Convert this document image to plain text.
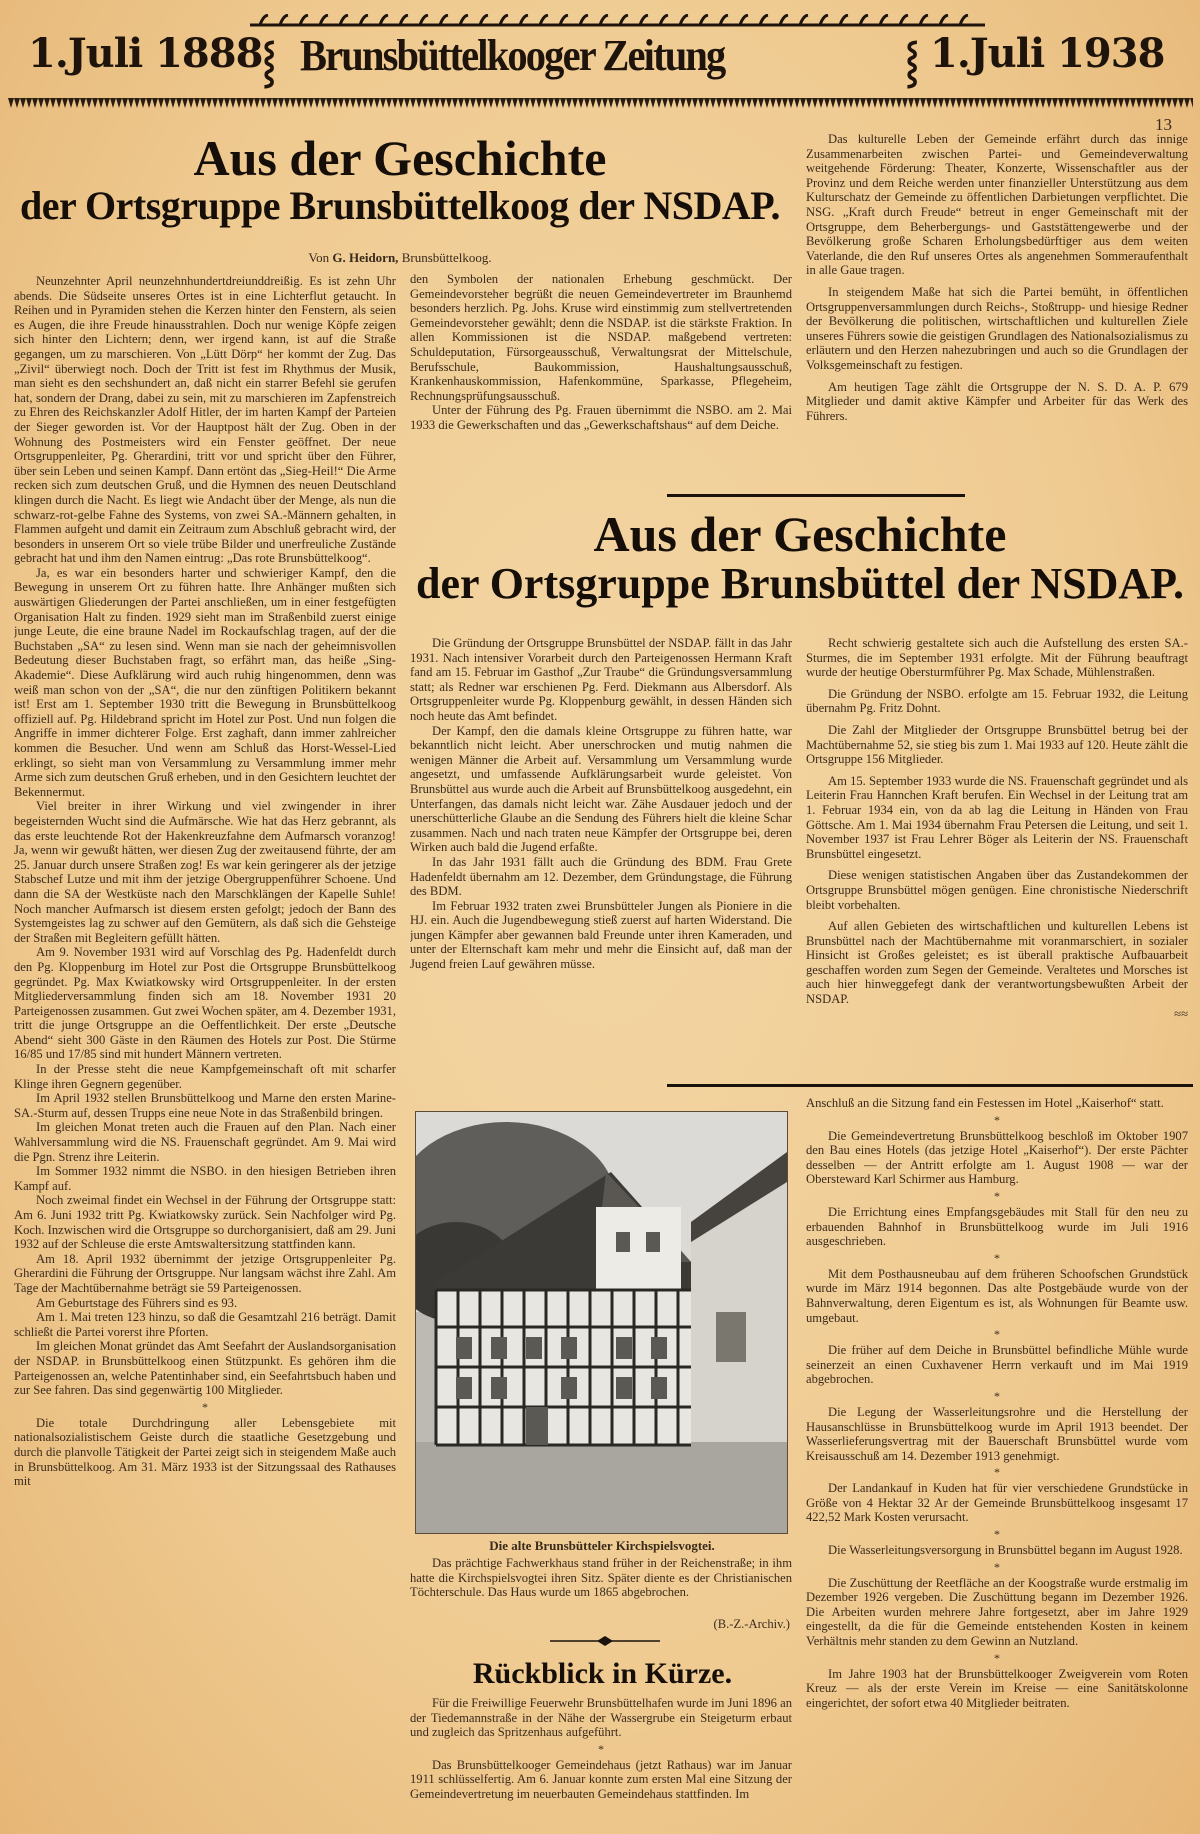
1.Juli 1888 ⸾ Brunsbüttelkooger Zeitung	⸾ 1.Juli 1938
13
Aus der Geschichte
der Ortsgruppe Brunsbüttelkoog der NSDAP.
Von G. Heidorn, Brunsbüttelkoog.

Neunzehnter April neunzehnhundertdreiunddreißig. Es ist zehn Uhr abends. Die Südseite unseres Ortes ist in eine Lichterflut getaucht. In Reihen und in Pyramiden stehen die Kerzen hinter den Fenstern, als seien es Augen, die ihre Freude hinausstrahlen. Doch nur wenige Köpfe zeigen sich hinter den Lichtern; denn, wer irgend kann, ist auf die Straße gegangen, um zu marschieren. Von „Lütt Dörp“ her kommt der Zug. Das „Zivil“ überwiegt noch. Doch der Tritt ist fest im Rhythmus der Musik, man sieht es den sechshundert an, daß nicht ein starrer Befehl sie gerufen hat, sondern der Drang, dabei zu sein, mit zu marschieren im Zapfenstreich zu Ehren des Reichskanzler Adolf Hitler, der im harten Kampf der Parteien der Sieger geworden ist. Vor der Hauptpost hält der Zug. Oben in der Wohnung des Postmeisters wird ein Fenster geöffnet. Der neue Ortsgruppenleiter, Pg. Gherardini, tritt vor und spricht über den Führer, über sein Leben und seinen Kampf. Dann ertönt das „Sieg-Heil!“ Die Arme recken sich zum deutschen Gruß, und die Hymnen des neuen Deutschland klingen durch die Nacht. Es liegt wie Andacht über der Menge, als nun die schwarz-rot-gelbe Fahne des Systems, von zwei SA.-Männern gehalten, in Flammen aufgeht und damit ein Zeitraum zum Abschluß gebracht wird, der besonders in unserem Ort so viele trübe Bilder und unerfreuliche Zustände gebracht hat und ihm den Namen eintrug: „Das rote Brunsbüttelkoog“.

Ja, es war ein besonders harter und schwieriger Kampf, den die Bewegung in unserem Ort zu führen hatte. Ihre Anhänger mußten sich auswärtigen Gliederungen der Partei anschließen, um in einer festgefügten Organisation Halt zu finden. 1929 sieht man im Straßenbild zuerst einige junge Leute, die eine braune Nadel im Rockaufschlag tragen, auf der die Buchstaben „SA“ zu lesen sind. Wenn man sie nach der geheimnisvollen Bedeutung dieser Buchstaben fragt, so erfährt man, das heiße „Sing-Akademie“. Diese Aufklärung wird auch ruhig hingenommen, denn was weiß man schon von der „SA“, die nur den zünftigen Politikern bekannt ist! Erst am 1. September 1930 tritt die Bewegung in Brunsbüttelkoog offiziell auf. Pg. Hildebrand spricht im Hotel zur Post. Und nun folgen die Angriffe in immer dichterer Folge. Erst zaghaft, dann immer zahlreicher kommen die Besucher. Und wenn am Schluß das Horst-Wessel-Lied erklingt, so sieht man von Versammlung zu Versammlung immer mehr Arme sich zum deutschen Gruß erheben, und in den Gesichtern leuchtet der Bekennermut.

Viel breiter in ihrer Wirkung und viel zwingender in ihrer begeisternden Wucht sind die Aufmärsche. Wie hat das Herz gebrannt, als das erste leuchtende Rot der Hakenkreuzfahne dem Aufmarsch voranzog! Ja, wenn wir gewußt hätten, wer diesen Zug der zweitausend führte, der am 25. Januar durch unsere Straßen zog! Es war kein geringerer als der jetzige Stabschef Lutze und mit ihm der jetzige Obergruppenführer Schoene. Und dann die SA der Westküste nach den Marschklängen der Kapelle Suhle! Noch mancher Aufmarsch ist diesem ersten gefolgt; jedoch der Bann des Systemgeistes lag zu schwer auf den Gemütern, als daß sich die Gehsteige der Straßen mit Begleitern gefüllt hätten.

Am 9. November 1931 wird auf Vorschlag des Pg. Hadenfeldt durch den Pg. Kloppenburg im Hotel zur Post die Ortsgruppe Brunsbüttelkoog gegründet. Pg. Max Kwiatkowsky wird Ortsgruppenleiter. In der ersten Mitgliederversammlung finden sich am 18. November 1931 20 Parteigenossen zusammen. Gut zwei Wochen später, am 4. Dezember 1931, tritt die junge Ortsgruppe an die Oeffentlichkeit. Der erste „Deutsche Abend“ sieht 300 Gäste in den Räumen des Hotels zur Post. Die Stürme 16/85 und 17/85 sind mit hundert Männern vertreten.

In der Presse steht die neue Kampfgemeinschaft oft mit scharfer Klinge ihren Gegnern gegenüber.

Im April 1932 stellen Brunsbüttelkoog und Marne den ersten Marine-SA.-Sturm auf, dessen Trupps eine neue Note in das Straßenbild bringen.

Im gleichen Monat treten auch die Frauen auf den Plan. Nach einer Wahlversammlung wird die NS. Frauenschaft gegründet. Am 9. Mai wird die Pgn. Strenz ihre Leiterin.

Im Sommer 1932 nimmt die NSBO. in den hiesigen Betrieben ihren Kampf auf.

Noch zweimal findet ein Wechsel in der Führung der Ortsgruppe statt: Am 6. Juni 1932 tritt Pg. Kwiatkowsky zurück. Sein Nachfolger wird Pg. Koch. Inzwischen wird die Ortsgruppe so durchorganisiert, daß am 29. Juni 1932 auf der Schleuse die erste Amtswaltersitzung stattfinden kann.

Am 18. April 1932 übernimmt der jetzige Ortsgruppenleiter Pg. Gherardini die Führung der Ortsgruppe. Nur langsam wächst ihre Zahl. Am Tage der Machtübernahme beträgt sie 59 Parteigenossen.

Am Geburtstage des Führers sind es 93.

Am 1. Mai treten 123 hinzu, so daß die Gesamtzahl 216 beträgt. Damit schließt die Partei vorerst ihre Pforten.

Im gleichen Monat gründet das Amt Seefahrt der Auslandsorganisation der NSDAP. in Brunsbüttelkoog einen Stützpunkt. Es gehören ihm die Parteigenossen an, welche Patentinhaber sind, ein Seefahrtsbuch haben und zur See fahren. Das sind gegenwärtig 100 Mitglieder.

*

Die totale Durchdringung aller Lebensgebiete mit nationalsozialistischem Geiste durch die staatliche Gesetzgebung und durch die planvolle Tätigkeit der Partei zeigt sich in steigendem Maße auch in Brunsbüttelkoog. Am 31. März 1933 ist der Sitzungssaal des Rathauses mit

den Symbolen der nationalen Erhebung geschmückt. Der Gemeindevorsteher begrüßt die neuen Gemeindevertreter im Braunhemd besonders herzlich. Pg. Johs. Kruse wird einstimmig zum stellvertretenden Gemeindevorsteher gewählt; denn die NSDAP. ist die stärkste Fraktion. In allen Kommissionen ist die NSDAP. maßgebend vertreten: Schuldeputation, Fürsorgeausschuß, Verwaltungsrat der Mittelschule, Berufsschule, Baukommission, Haushaltungsausschuß, Krankenhauskommission, Hafenkommüne, Sparkasse, Pflegeheim, Rechnungsprüfungsausschuß.

Unter der Führung des Pg. Frauen übernimmt die NSBO. am 2. Mai 1933 die Gewerkschaften und das „Gewerkschaftshaus“ auf dem Deiche.

Das kulturelle Leben der Gemeinde erfährt durch das innige Zusammenarbeiten zwischen Partei- und Gemeindeverwaltung weitgehende Förderung: Theater, Konzerte, Wissenschaftler aus der Provinz und dem Reiche werden unter finanzieller Unterstützung aus dem Kulturschatz der Gemeinde zu öffentlichen Darbietungen verpflichtet. Die NSG. „Kraft durch Freude“ betreut in enger Gemeinschaft mit der Ortsgruppe, dem Beherbergungs- und Gaststättengewerbe und der Bevölkerung große Scharen Erholungsbedürftiger aus dem weiten Vaterlande, die den Ruf unseres Ortes als angenehmen Sommeraufenthalt in alle Gaue tragen.

In steigendem Maße hat sich die Partei bemüht, in öffentlichen Ortsgruppenversammlungen durch Reichs-, Stoßtrupp- und hiesige Redner der Bevölkerung die politischen, wirtschaftlichen und kulturellen Ziele unseres Führers sowie die geistigen Grundlagen des Nationalsozialismus zu erläutern und den Herzen nahezubringen und auch so die Grundlagen der Volksgemeinschaft zu festigen.

Am heutigen Tage zählt die Ortsgruppe der N. S. D. A. P. 679 Mitglieder und damit aktive Kämpfer und Arbeiter für das Werk des Führers.

Aus der Geschichte
der Ortsgruppe Brunsbüttel der NSDAP.

Die Gründung der Ortsgruppe Brunsbüttel der NSDAP. fällt in das Jahr 1931. Nach intensiver Vorarbeit durch den Parteigenossen Hermann Kraft fand am 15. Februar im Gasthof „Zur Traube“ die Gründungsversammlung statt; als Redner war erschienen Pg. Ferd. Diekmann aus Albersdorf. Als Ortsgruppenleiter wurde Pg. Kloppenburg gewählt, in dessen Händen sich noch heute das Amt befindet.

Der Kampf, den die damals kleine Ortsgruppe zu führen hatte, war bekanntlich nicht leicht. Aber unerschrocken und mutig nahmen die wenigen Männer die Arbeit auf. Versammlung um Versammlung wurde angesetzt, und umfassende Aufklärungsarbeit wurde geleistet. Von Brunsbüttel aus wurde auch die Arbeit auf Brunsbüttelkoog ausgedehnt, ein Unterfangen, das damals nicht leicht war. Zähe Ausdauer jedoch und der unerschütterliche Glaube an die Sendung des Führers hielt die kleine Schar zusammen. Nach und nach traten neue Kämpfer der Ortsgruppe bei, deren Wirken auch bald die Jugend erfaßte.

In das Jahr 1931 fällt auch die Gründung des BDM. Frau Grete Hadenfeldt übernahm am 12. Dezember, dem Gründungstage, die Führung des BDM.

Im Februar 1932 traten zwei Brunsbütteler Jungen als Pioniere in die HJ. ein. Auch die Jugendbewegung stieß zuerst auf harten Widerstand. Die jungen Kämpfer aber gewannen bald Freunde unter ihren Kameraden, und unter der Elternschaft kam mehr und mehr die Einsicht auf, daß man der Jugend freien Lauf gewähren müsse.

Recht schwierig gestaltete sich auch die Aufstellung des ersten SA.-Sturmes, die im September 1931 erfolgte. Mit der Führung beauftragt wurde der heutige Obersturmführer Pg. Max Schade, Mühlenstraßen.

Die Gründung der NSBO. erfolgte am 15. Februar 1932, die Leitung übernahm Pg. Fritz Dohnt.

Die Zahl der Mitglieder der Ortsgruppe Brunsbüttel betrug bei der Machtübernahme 52, sie stieg bis zum 1. Mai 1933 auf 120. Heute zählt die Ortsgruppe 156 Mitglieder.

Am 15. September 1933 wurde die NS. Frauenschaft gegründet und als Leiterin Frau Hannchen Kraft berufen. Ein Wechsel in der Leitung trat am 1. Februar 1934 ein, von da ab lag die Leitung in Händen von Frau Göttsche. Am 1. Mai 1934 übernahm Frau Petersen die Leitung, und seit 1. November 1937 ist Frau Lehrer Böger als Leiterin der NS. Frauenschaft Brunsbüttel eingesetzt.

Diese wenigen statistischen Angaben über das Zustandekommen der Ortsgruppe Brunsbüttel mögen genügen. Eine chronistische Niederschrift bleibt vorbehalten.

Auf allen Gebieten des wirtschaftlichen und kulturellen Lebens ist Brunsbüttel nach der Machtübernahme mit voranmarschiert, in sozialer Hinsicht ist Großes geleistet; es ist überall praktische Aufbauarbeit geschaffen worden zum Segen der Gemeinde. Veraltetes und Morsches ist auch hier hinweggefegt dank der verantwortungsbewußten Arbeit der NSDAP.

≈≈

Die alte Brunsbütteler Kirchspielsvogtei.

Das prächtige Fachwerkhaus stand früher in der Reichenstraße; in ihm hatte die Kirchspielsvogtei ihren Sitz. Später diente es der Christianischen Töchterschule. Das Haus wurde um 1865 abgebrochen.

(B.-Z.-Archiv.)
Rückblick in Kürze.

Für die Freiwillige Feuerwehr Brunsbüttelhafen wurde im Juni 1896 an der Tiedemannstraße in der Nähe der Wassergrube ein Steigeturm erbaut und zugleich das Spritzenhaus aufgeführt.

*

Das Brunsbüttelkooger Gemeindehaus (jetzt Rathaus) war im Januar 1911 schlüsselfertig. Am 6. Januar konnte zum ersten Mal eine Sitzung der Gemeindevertretung im neuerbauten Gemeindehaus stattfinden. Im

Anschluß an die Sitzung fand ein Festessen im Hotel „Kaiserhof“ statt.

*

Die Gemeindevertretung Brunsbüttelkoog beschloß im Oktober 1907 den Bau eines Hotels (das jetzige Hotel „Kaiserhof“). Der erste Pächter desselben — der Antritt erfolgte am 1. August 1908 — war der Obersteward Karl Schirmer aus Hamburg.

*

Die Errichtung eines Empfangsgebäudes mit Stall für den neu zu erbauenden Bahnhof in Brunsbüttelkoog wurde im Juli 1916 ausgeschrieben.

*

Mit dem Posthausneubau auf dem früheren Schoofschen Grundstück wurde im März 1914 begonnen. Das alte Postgebäude wurde von der Bahnverwaltung, deren Eigentum es ist, als Wohnungen für Beamte usw. umgebaut.

*

Die früher auf dem Deiche in Brunsbüttel befindliche Mühle wurde seinerzeit an einen Cuxhavener Herrn verkauft und im Mai 1919 abgebrochen.

*

Die Legung der Wasserleitungsrohre und die Herstellung der Hausanschlüsse in Brunsbüttelkoog wurde im April 1913 beendet. Der Wasserlieferungsvertrag mit der Bauerschaft Brunsbüttel wurde vom Kreisausschuß am 14. Dezember 1913 genehmigt.

*

Der Landankauf in Kuden hat für vier verschiedene Grundstücke in Größe von 4 Hektar 32 Ar der Gemeinde Brunsbüttelkoog insgesamt 17 422,52 Mark Kosten verursacht.

*

Die Wasserleitungsversorgung in Brunsbüttel begann im August 1928.

*

Die Zuschüttung der Reetfläche an der Koogstraße wurde erstmalig im Dezember 1926 vergeben. Die Zuschüttung begann im Dezember 1926. Die Arbeiten wurden mehrere Jahre fortgesetzt, aber im Jahre 1929 eingestellt, da die für die Gemeinde entstehenden Kosten in keinem Verhältnis mehr standen zu dem Gewinn an Nutzland.

*

Im Jahre 1903 hat der Brunsbüttelkooger Zweigverein vom Roten Kreuz — als der erste Verein im Kreise — eine Sanitätskolonne eingerichtet, der sofort etwa 40 Mitglieder beitraten.
